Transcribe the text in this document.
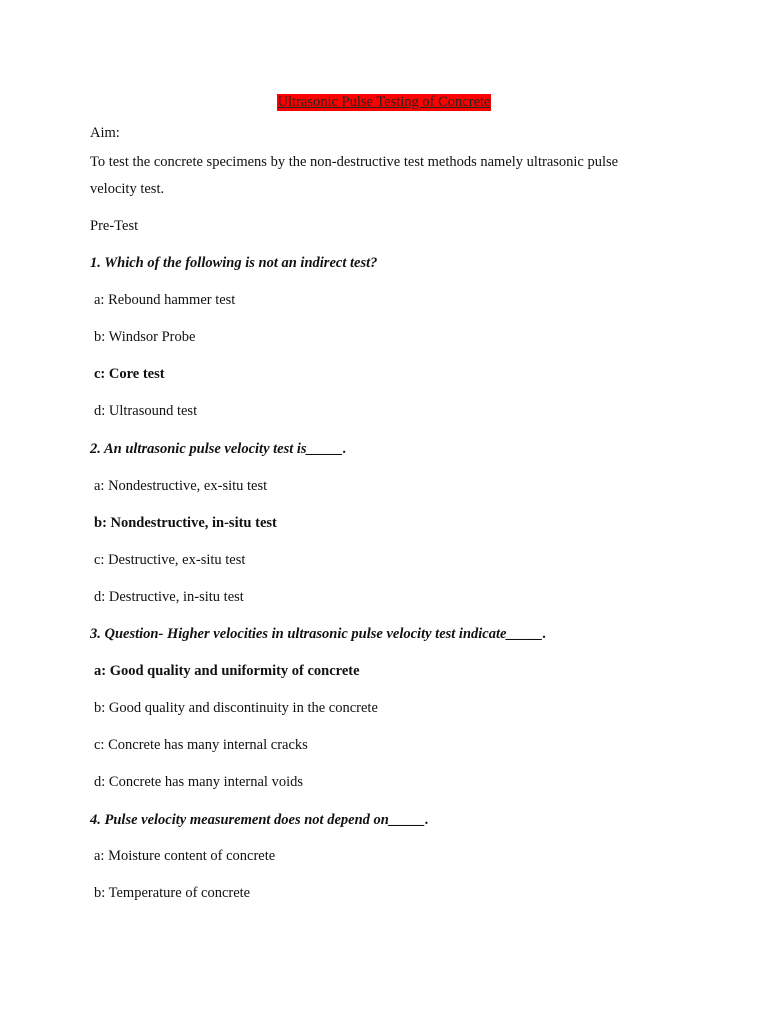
Ultrasonic Pulse Testing of Concrete
Aim:
To test the concrete specimens by the non-destructive test methods namely ultrasonic pulse
velocity test.
Pre-Test
1. Which of the following is not an indirect test?
a: Rebound hammer test
b: Windsor Probe
c: Core test
d: Ultrasound test
2. An ultrasonic pulse velocity test is_____.
a: Nondestructive, ex-situ test
b: Nondestructive, in-situ test
c: Destructive, ex-situ test
d: Destructive, in-situ test
3. Question- Higher velocities in ultrasonic pulse velocity test indicate_____.
a: Good quality and uniformity of concrete
b: Good quality and discontinuity in the concrete
c: Concrete has many internal cracks
d: Concrete has many internal voids
4. Pulse velocity measurement does not depend on_____.
a: Moisture content of concrete
b: Temperature of concrete
